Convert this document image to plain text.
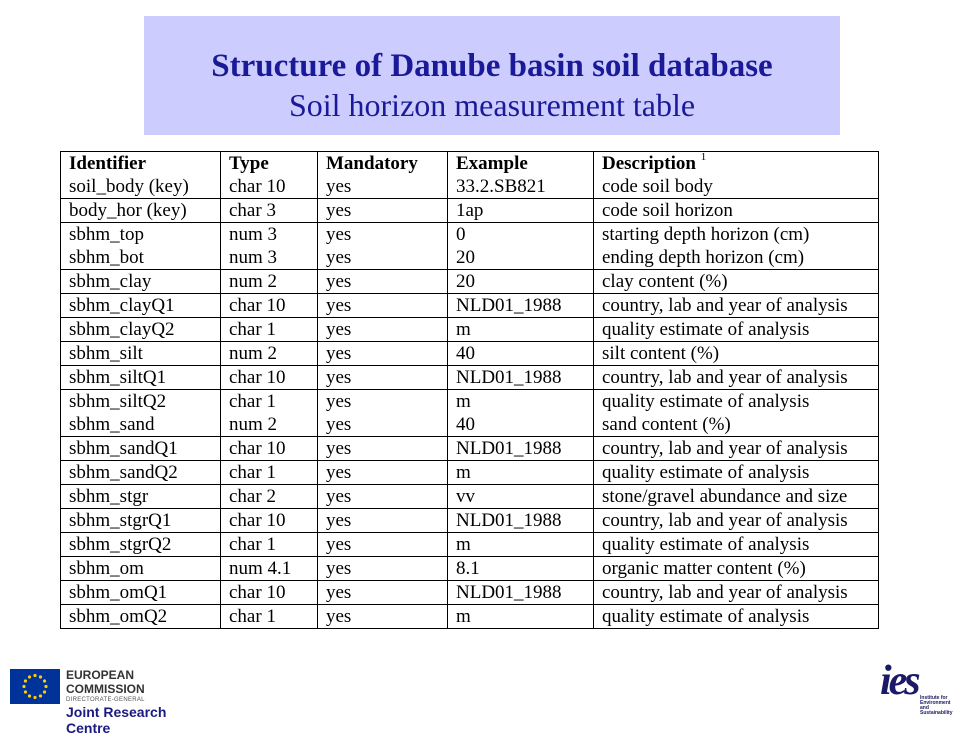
Structure of Danube basin soil database
Soil horizon measurement table
Identifier	Type	Mandatory	Example	Description $^1$
soil_body (key)	char 10	yes	33.2.SB821	code soil body
body_hor (key)	char 3	yes	1ap	code soil horizon
sbhm_top	num 3	yes	0	starting depth horizon (cm)
sbhm_bot	num 3	yes	20	ending depth horizon (cm)
sbhm_clay	num 2	yes	20	clay content (%)
sbhm_clayQ1	char 10	yes	NLD01_1988	country, lab and year of analysis
sbhm_clayQ2	char 1	yes	m	quality estimate of analysis
sbhm_silt	num 2	yes	40	silt content (%)
sbhm_siltQ1	char 10	yes	NLD01_1988	country, lab and year of analysis
sbhm_siltQ2	char 1	yes	m	quality estimate of analysis
sbhm_sand	num 2	yes	40	sand content (%)
sbhm_sandQ1	char 10	yes	NLD01_1988	country, lab and year of analysis
sbhm_sandQ2	char 1	yes	m	quality estimate of analysis
sbhm_stgr	char 2	yes	vv	stone/gravel abundance and size
sbhm_stgrQ1	char 10	yes	NLD01_1988	country, lab and year of analysis
sbhm_stgrQ2	char 1	yes	m	quality estimate of analysis
sbhm_om	num 4.1	yes	8.1	organic matter content (%)
sbhm_omQ1	char 10	yes	NLD01_1988	country, lab and year of analysis
sbhm_omQ2	char 1	yes	m	quality estimate of analysis
EUROPEAN COMMISSION
DIRECTORATE-GENERAL
Joint Research Centre
ies Institute for
Environment and
Sustainability
